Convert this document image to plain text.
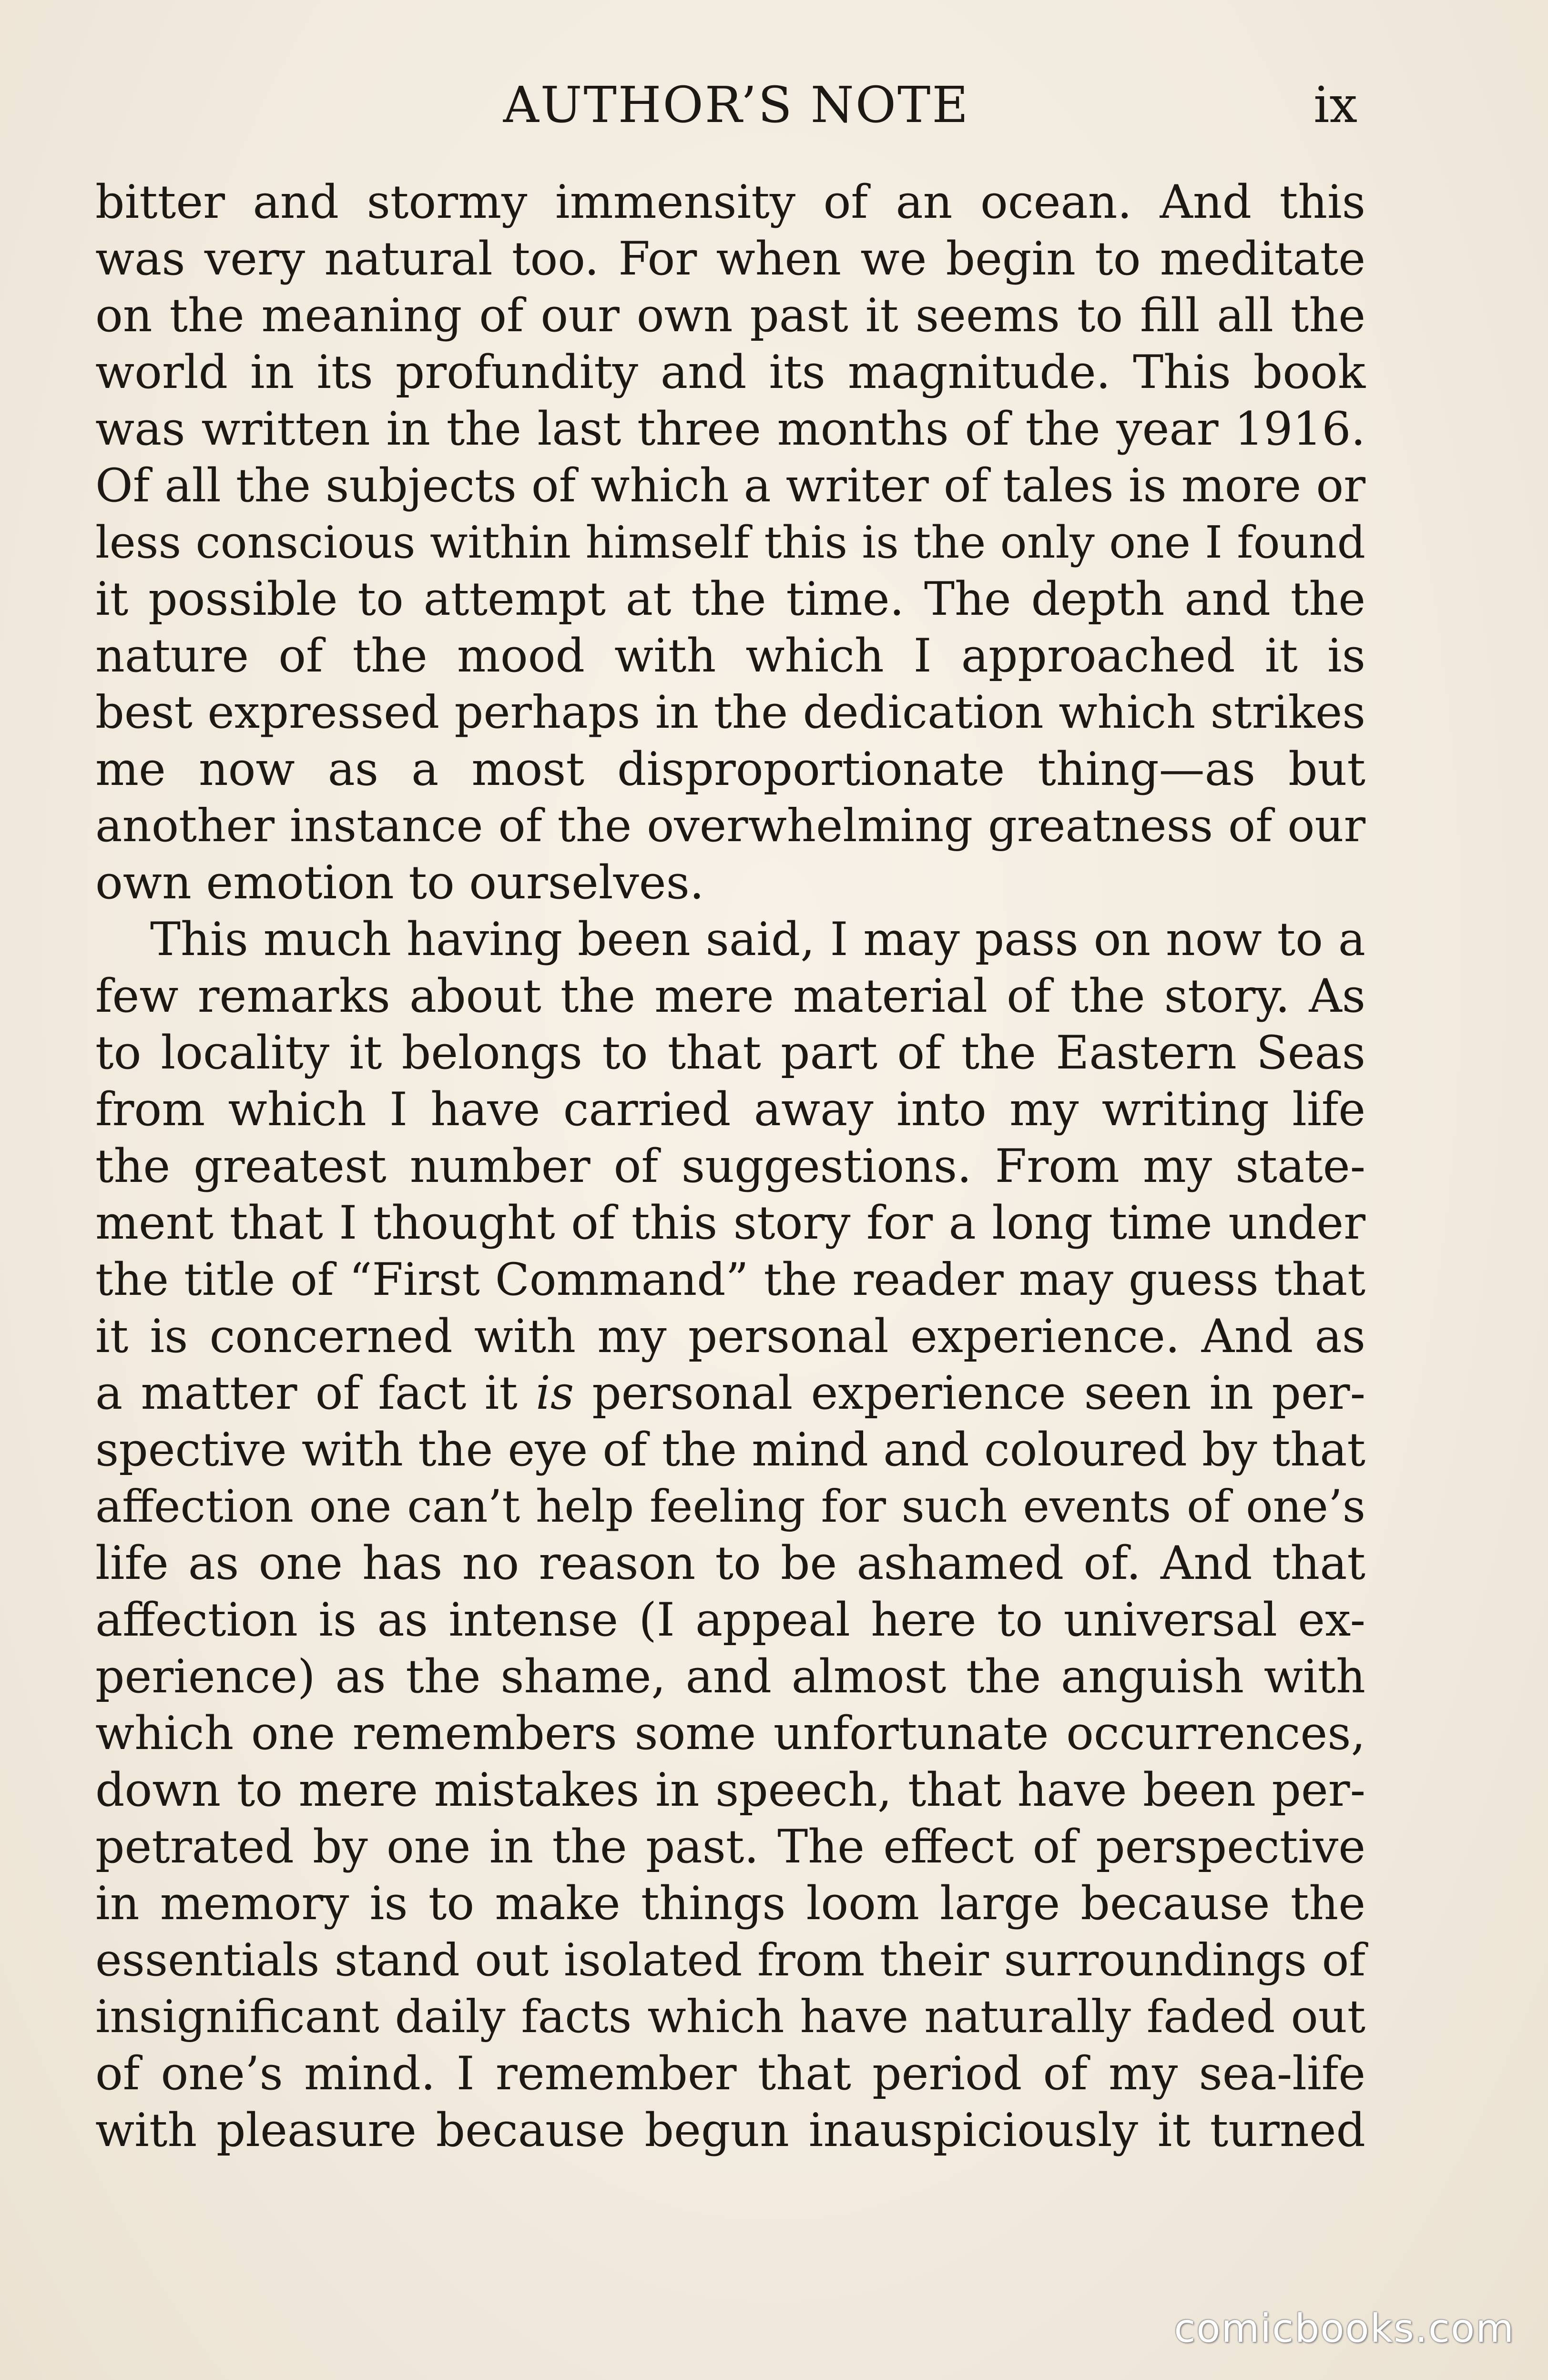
AUTHOR’S NOTE	ix
bitter and stormy immensity of an ocean. And this
was very natural too. For when we begin to meditate
on the meaning of our own past it seems to fill all the
world in its profundity and its magnitude. This book
was written in the last three months of the year 1916.
Of all the subjects of which a writer of tales is more or
less conscious within himself this is the only one I found
it possible to attempt at the time. The depth and the
nature of the mood with which I approached it is
best expressed perhaps in the dedication which strikes
me now as a most disproportionate thing—as but
another instance of the overwhelming greatness of our
own emotion to ourselves.
This much having been said, I may pass on now to a
few remarks about the mere material of the story. As
to locality it belongs to that part of the Eastern Seas
from which I have carried away into my writing life
the greatest number of suggestions. From my state-
ment that I thought of this story for a long time under
the title of “First Command” the reader may guess that
it is concerned with my personal experience. And as
a matter of fact it is personal experience seen in per-
spective with the eye of the mind and coloured by that
affection one can’t help feeling for such events of one’s
life as one has no reason to be ashamed of. And that
affection is as intense (I appeal here to universal ex-
perience) as the shame, and almost the anguish with
which one remembers some unfortunate occurrences,
down to mere mistakes in speech, that have been per-
petrated by one in the past. The effect of perspective
in memory is to make things loom large because the
essentials stand out isolated from their surroundings of
insignificant daily facts which have naturally faded out
of one’s mind. I remember that period of my sea-life
with pleasure because begun inauspiciously it turned
comicbooks.com
